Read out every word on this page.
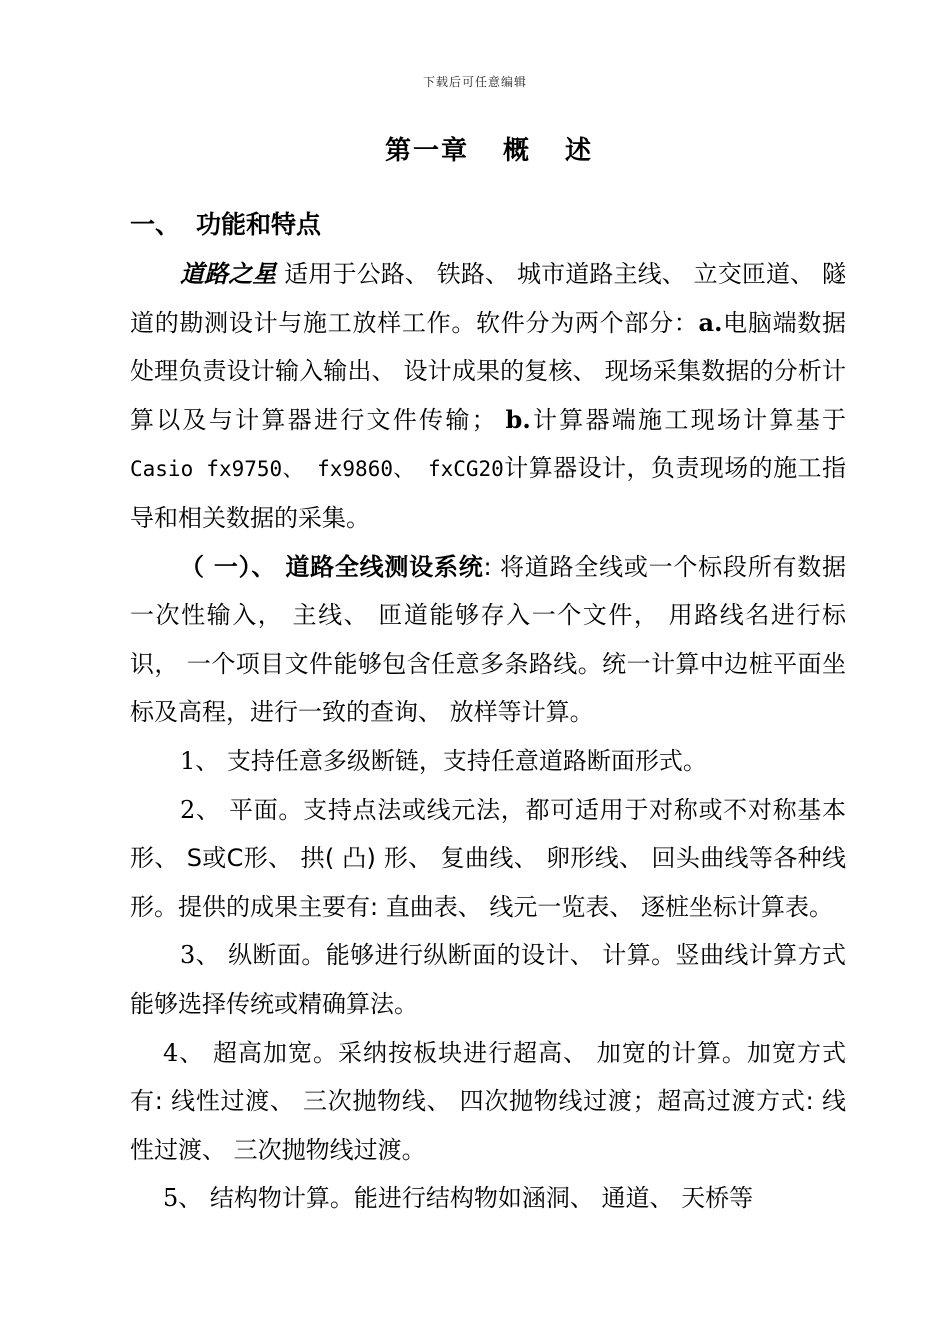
下载后可任意编辑
第一章 概 述
一、 功能和特点

道路之星 适用于公路、 铁路、 城市道路主线、 立交匝道、 隧道的勘测设计与施工放样工作。软件分为两个部分：a.电脑端数据处理负责设计输入输出、 设计成果的复核、 现场采集数据的分析计算以及与计算器进行文件传输； b.计算器端施工现场计算基于Casio fx9750、 fx9860、 fxCG20计算器设计，负责现场的施工指导和相关数据的采集。

（ 一）、 道路全线测设系统: 将道路全线或一个标段所有数据一次性输入， 主线、 匝道能够存入一个文件， 用路线名进行标识， 一个项目文件能够包含任意多条路线。统一计算中边桩平面坐标及高程，进行一致的查询、 放样等计算。

1、 支持任意多级断链，支持任意道路断面形式。

2、 平面。支持点法或线元法，都可适用于对称或不对称基本形、 S或C形、 拱( 凸) 形、 复曲线、 卵形线、 回头曲线等各种线形。提供的成果主要有: 直曲表、 线元一览表、 逐桩坐标计算表。

3、 纵断面。能够进行纵断面的设计、 计算。竖曲线计算方式能够选择传统或精确算法。

4、 超高加宽。采纳按板块进行超高、 加宽的计算。加宽方式有: 线性过渡、 三次抛物线、 四次抛物线过渡；超高过渡方式: 线性过渡、 三次抛物线过渡。

5、 结构物计算。能进行结构物如涵洞、 通道、 天桥等
